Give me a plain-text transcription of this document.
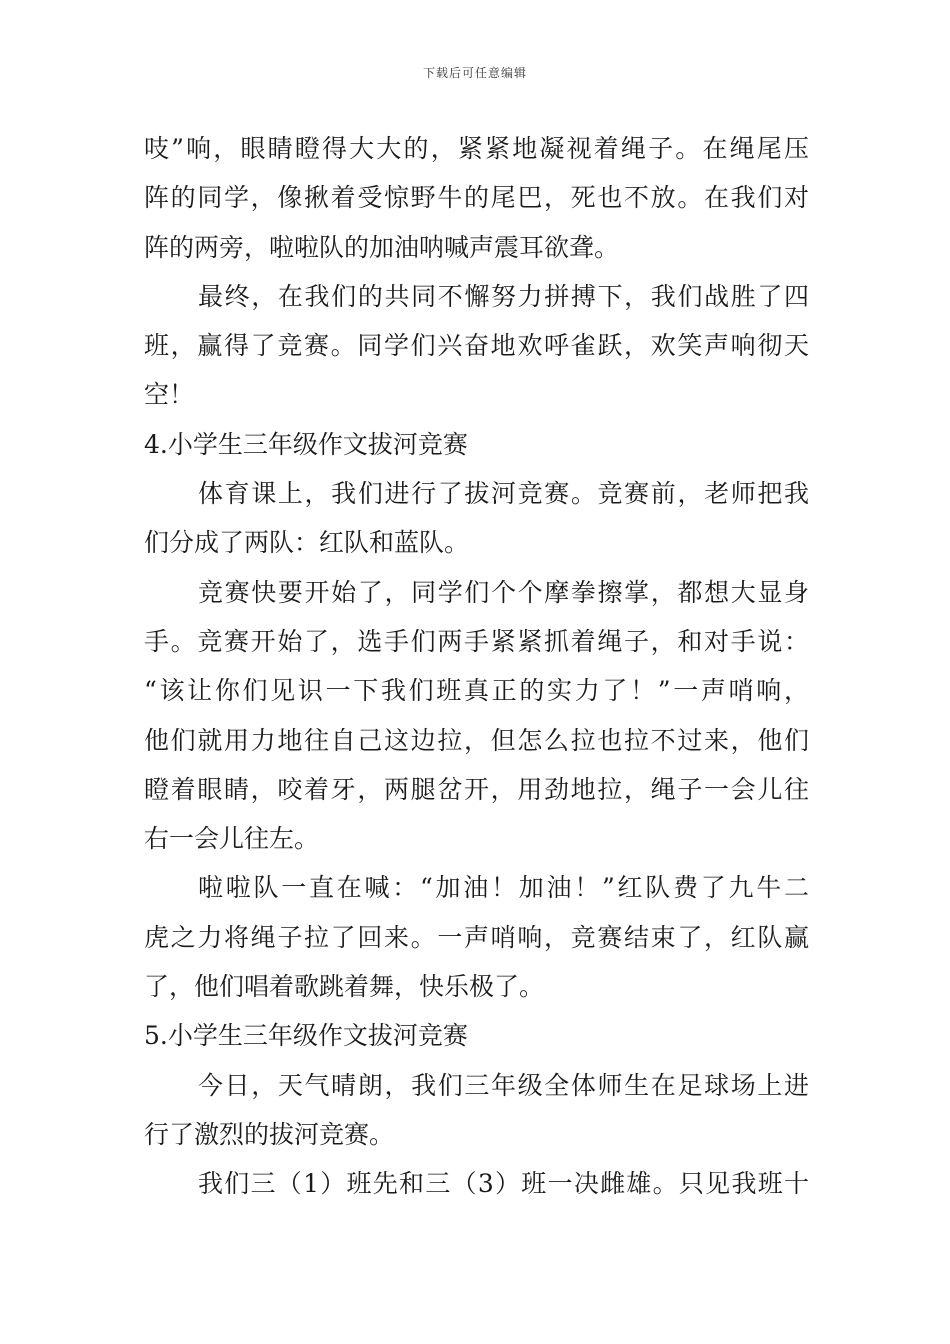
下载后可任意编辑
吱”响，眼睛瞪得大大的，紧紧地凝视着绳子。在绳尾压
阵的同学，像揪着受惊野牛的尾巴，死也不放。在我们对
阵的两旁，啦啦队的加油呐喊声震耳欲聋。
最终，在我们的共同不懈努力拼搏下，我们战胜了四
班，赢得了竞赛。同学们兴奋地欢呼雀跃，欢笑声响彻天
空！
4.小学生三年级作文拔河竞赛
体育课上，我们进行了拔河竞赛。竞赛前，老师把我
们分成了两队：红队和蓝队。
竞赛快要开始了，同学们个个摩拳擦掌，都想大显身
手。竞赛开始了，选手们两手紧紧抓着绳子，和对手说：
“该让你们见识一下我们班真正的实力了！”一声哨响，
他们就用力地往自己这边拉，但怎么拉也拉不过来，他们
瞪着眼睛，咬着牙，两腿岔开，用劲地拉，绳子一会儿往
右一会儿往左。
啦啦队一直在喊：“加油！加油！”红队费了九牛二
虎之力将绳子拉了回来。一声哨响，竞赛结束了，红队赢
了，他们唱着歌跳着舞，快乐极了。
5.小学生三年级作文拔河竞赛
今日，天气晴朗，我们三年级全体师生在足球场上进
行了激烈的拔河竞赛。
我们三（1）班先和三（3）班一决雌雄。只见我班十
